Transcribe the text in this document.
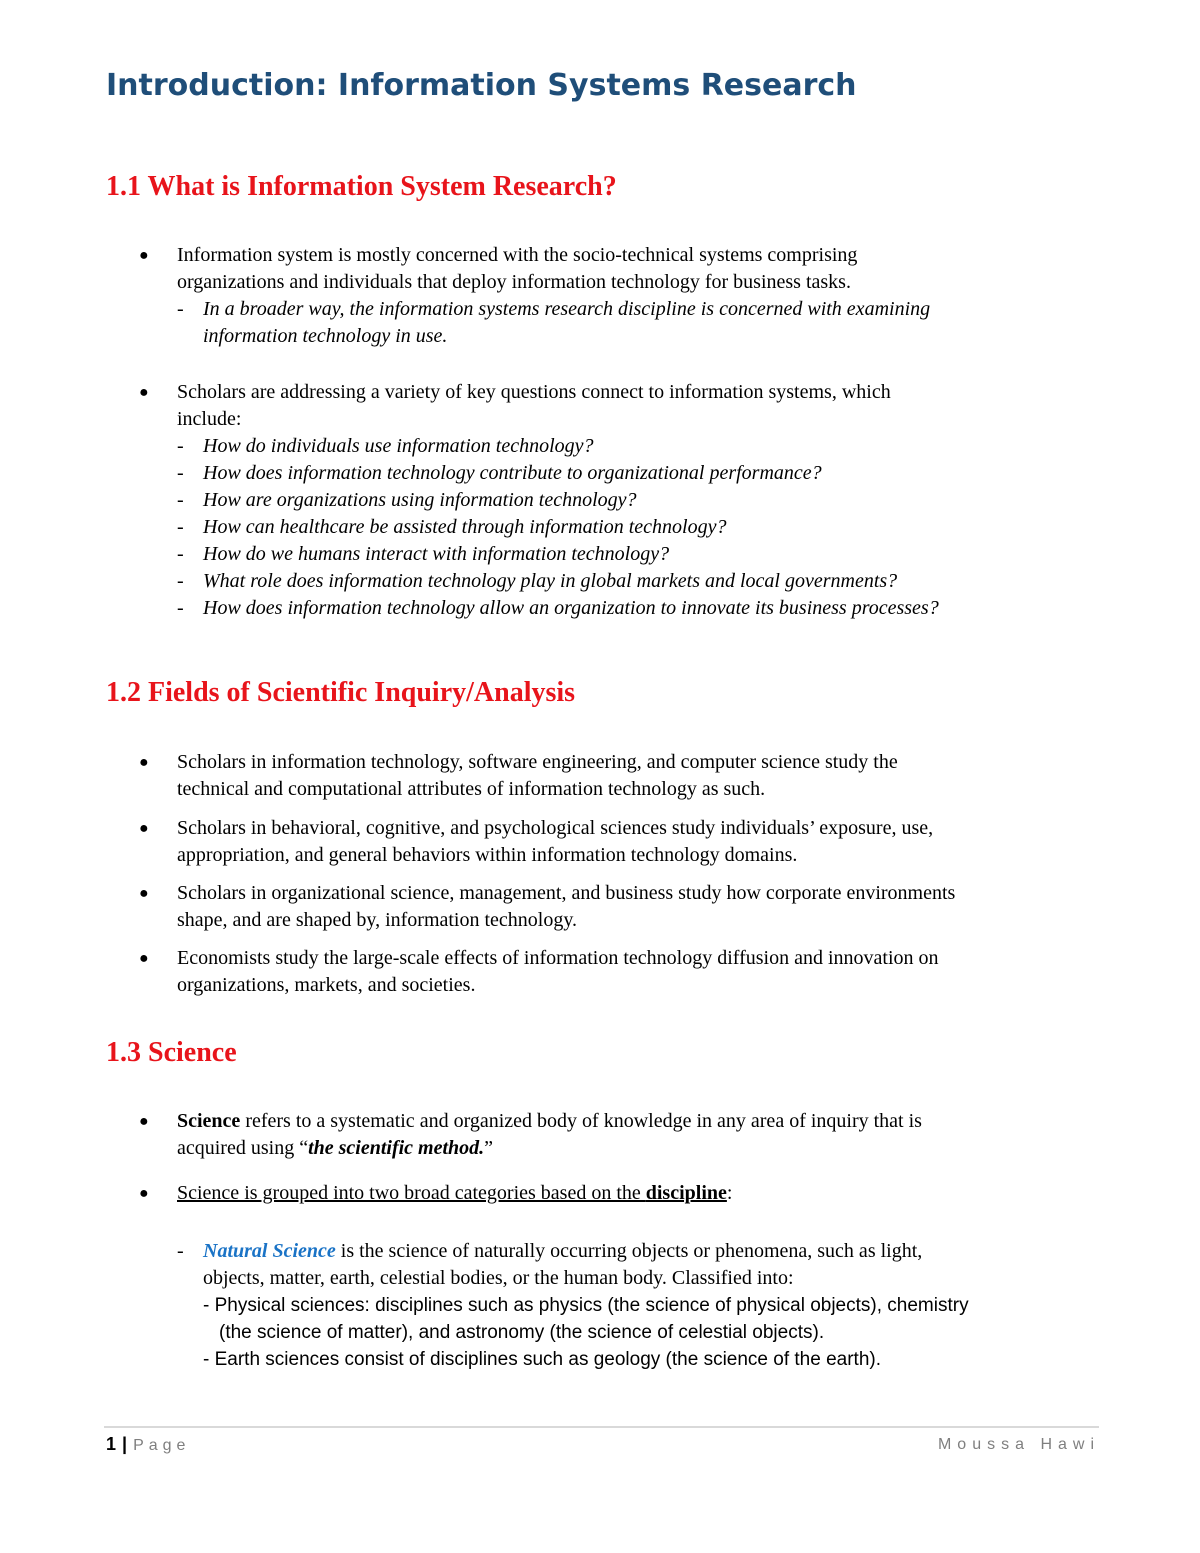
Introduction: Information Systems Research
1.1 What is Information System Research?
● Information system is mostly concerned with the socio-technical systems comprising

organizations and individuals that deploy information technology for business tasks.

- In a broader way, the information systems research discipline is concerned with examining

information technology in use.

● Scholars are addressing a variety of key questions connect to information systems, which

include:

- How do individuals use information technology?

- How does information technology contribute to organizational performance?

- How are organizations using information technology?

- How can healthcare be assisted through information technology?

- How do we humans interact with information technology?

- What role does information technology play in global markets and local governments?

- How does information technology allow an organization to innovate its business processes?

1.2 Fields of Scientific Inquiry/Analysis
● Scholars in information technology, software engineering, and computer science study the

technical and computational attributes of information technology as such.

● Scholars in behavioral, cognitive, and psychological sciences study individuals’ exposure, use,

appropriation, and general behaviors within information technology domains.

● Scholars in organizational science, management, and business study how corporate environments

shape, and are shaped by, information technology.

● Economists study the large-scale effects of information technology diffusion and innovation on

organizations, markets, and societies.

1.3 Science
● Science refers to a systematic and organized body of knowledge in any area of inquiry that is

acquired using “the scientific method.”

● Science is grouped into two broad categories based on the discipline:

- Natural Science is the science of naturally occurring objects or phenomena, such as light,

objects, matter, earth, celestial bodies, or the human body. Classified into:

- Physical sciences: disciplines such as physics (the science of physical objects), chemistry

(the science of matter), and astronomy (the science of celestial objects).

- Earth sciences consist of disciplines such as geology (the science of the earth).

1 | Page	Moussa Hawi
